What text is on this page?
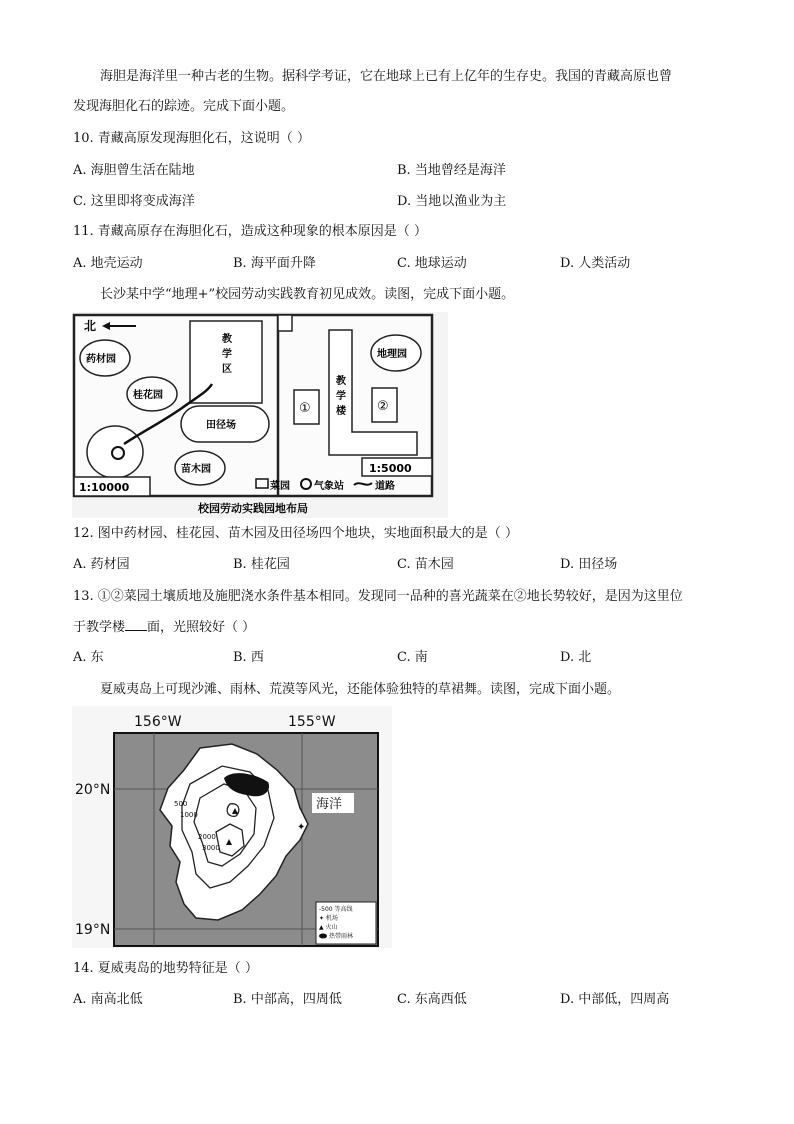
海胆是海洋里一种古老的生物。据科学考证，它在地球上已有上亿年的生存史。我国的青藏高原也曾
发现海胆化石的踪迹。完成下面小题。
10. 青藏高原发现海胆化石，这说明（ ）
A. 海胆曾生活在陆地	B. 当地曾经是海洋
C. 这里即将变成海洋	D. 当地以渔业为主
11. 青藏高原存在海胆化石，造成这种现象的根本原因是（ ）
A. 地壳运动	B. 海平面升降	C. 地球运动	D. 人类活动
长沙某中学“地理+”校园劳动实践教育初见成效。读图，完成下面小题。
北
教
学
区
药材园
桂花园
田径场
苗木园
教
学
楼
地理园
①	②
1:5000
1:10000	菜园 气象站	道路
校园劳动实践园地布局
12. 图中药材园、桂花园、苗木园及田径场四个地块，实地面积最大的是（ ）
A. 药材园	B. 桂花园	C. 苗木园	D. 田径场
13. ①②菜园土壤质地及施肥浇水条件基本相同。发现同一品种的喜光蔬菜在②地长势较好，是因为这里位
于教学楼 面，光照较好（ ）
A. 东	B. 西	C. 南	D. 北
夏威夷岛上可现沙滩、雨林、荒漠等风光，还能体验独特的草裙舞。读图，完成下面小题。
✦
500
1000
2000
3000
海洋
156°W	155°W
20°N
19°N
-500 等高线
✦ 机场
▲ 火山
热带雨林
14. 夏威夷岛的地势特征是（ ）
A. 南高北低	B. 中部高，四周低	C. 东高西低	D. 中部低，四周高
